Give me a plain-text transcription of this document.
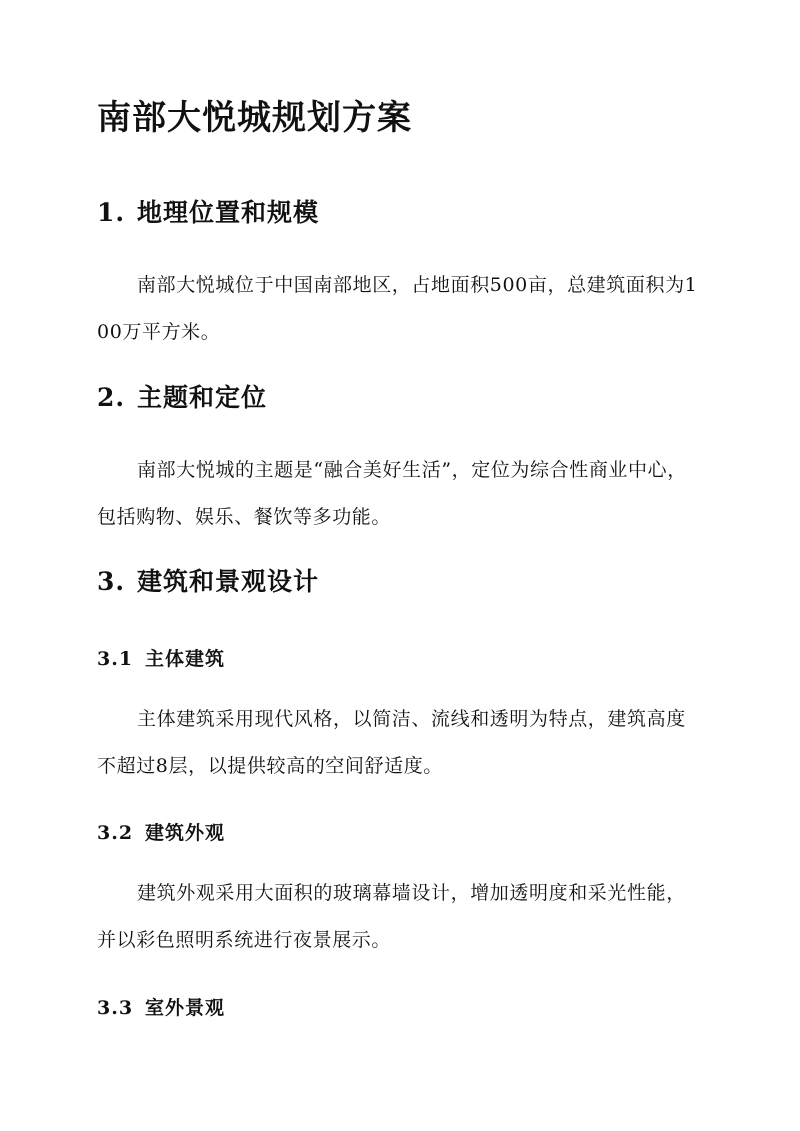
南部大悦城规划方案
1. 地理位置和规模

南部大悦城位于中国南部地区，占地面积500亩，总建筑面积为100万平方米。

2. 主题和定位

南部大悦城的主题是“融合美好生活”，定位为综合性商业中心，包括购物、娱乐、餐饮等多功能。

3. 建筑和景观设计
3.1 主体建筑

主体建筑采用现代风格，以简洁、流线和透明为特点，建筑高度不超过8层，以提供较高的空间舒适度。

3.2 建筑外观

建筑外观采用大面积的玻璃幕墙设计，增加透明度和采光性能，并以彩色照明系统进行夜景展示。

3.3 室外景观
